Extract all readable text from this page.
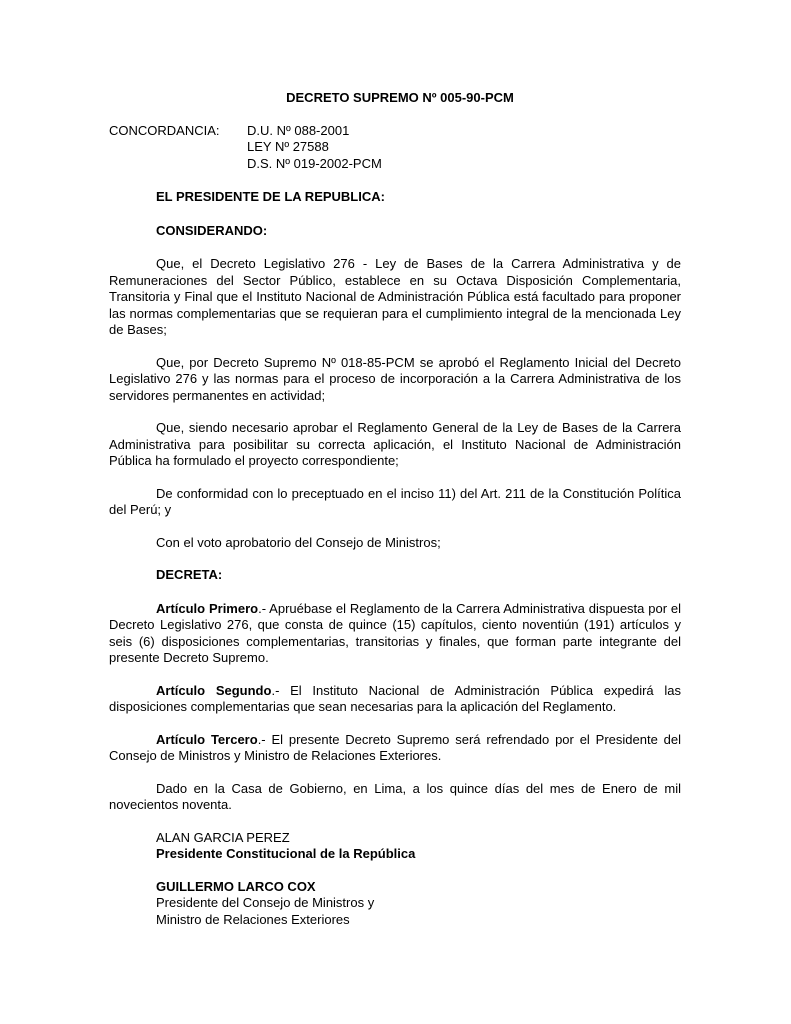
DECRETO SUPREMO Nº 005-90-PCM
CONCORDANCIA:	D.U. Nº 088-2001
LEY Nº 27588
D.S. Nº 019-2002-PCM
EL PRESIDENTE DE LA REPUBLICA:
CONSIDERANDO:

Que, el Decreto Legislativo 276 - Ley de Bases de la Carrera Administrativa y de Remuneraciones del Sector Público, establece en su Octava Disposición Complementaria, Transitoria y Final que el Instituto Nacional de Administración Pública está facultado para proponer las normas complementarias que se requieran para el cumplimiento integral de la mencionada Ley de Bases;

Que, por Decreto Supremo Nº 018-85-PCM se aprobó el Reglamento Inicial del Decreto Legislativo 276 y las normas para el proceso de incorporación a la Carrera Administrativa de los servidores permanentes en actividad;

Que, siendo necesario aprobar el Reglamento General de la Ley de Bases de la Carrera Administrativa para posibilitar su correcta aplicación, el Instituto Nacional de Administración Pública ha formulado el proyecto correspondiente;

De conformidad con lo preceptuado en el inciso 11) del Art. 211 de la Constitución Política del Perú; y

Con el voto aprobatorio del Consejo de Ministros;

DECRETA:

Artículo Primero.- Apruébase el Reglamento de la Carrera Administrativa dispuesta por el Decreto Legislativo 276, que consta de quince (15) capítulos, ciento noventiún (191) artículos y seis (6) disposiciones complementarias, transitorias y finales, que forman parte integrante del presente Decreto Supremo.

Artículo Segundo.- El Instituto Nacional de Administración Pública expedirá las disposiciones complementarias que sean necesarias para la aplicación del Reglamento.

Artículo Tercero.- El presente Decreto Supremo será refrendado por el Presidente del Consejo de Ministros y Ministro de Relaciones Exteriores.

Dado en la Casa de Gobierno, en Lima, a los quince días del mes de Enero de mil novecientos noventa.

ALAN GARCIA PEREZ
Presidente Constitucional de la República
GUILLERMO LARCO COX
Presidente del Consejo de Ministros y
Ministro de Relaciones Exteriores
